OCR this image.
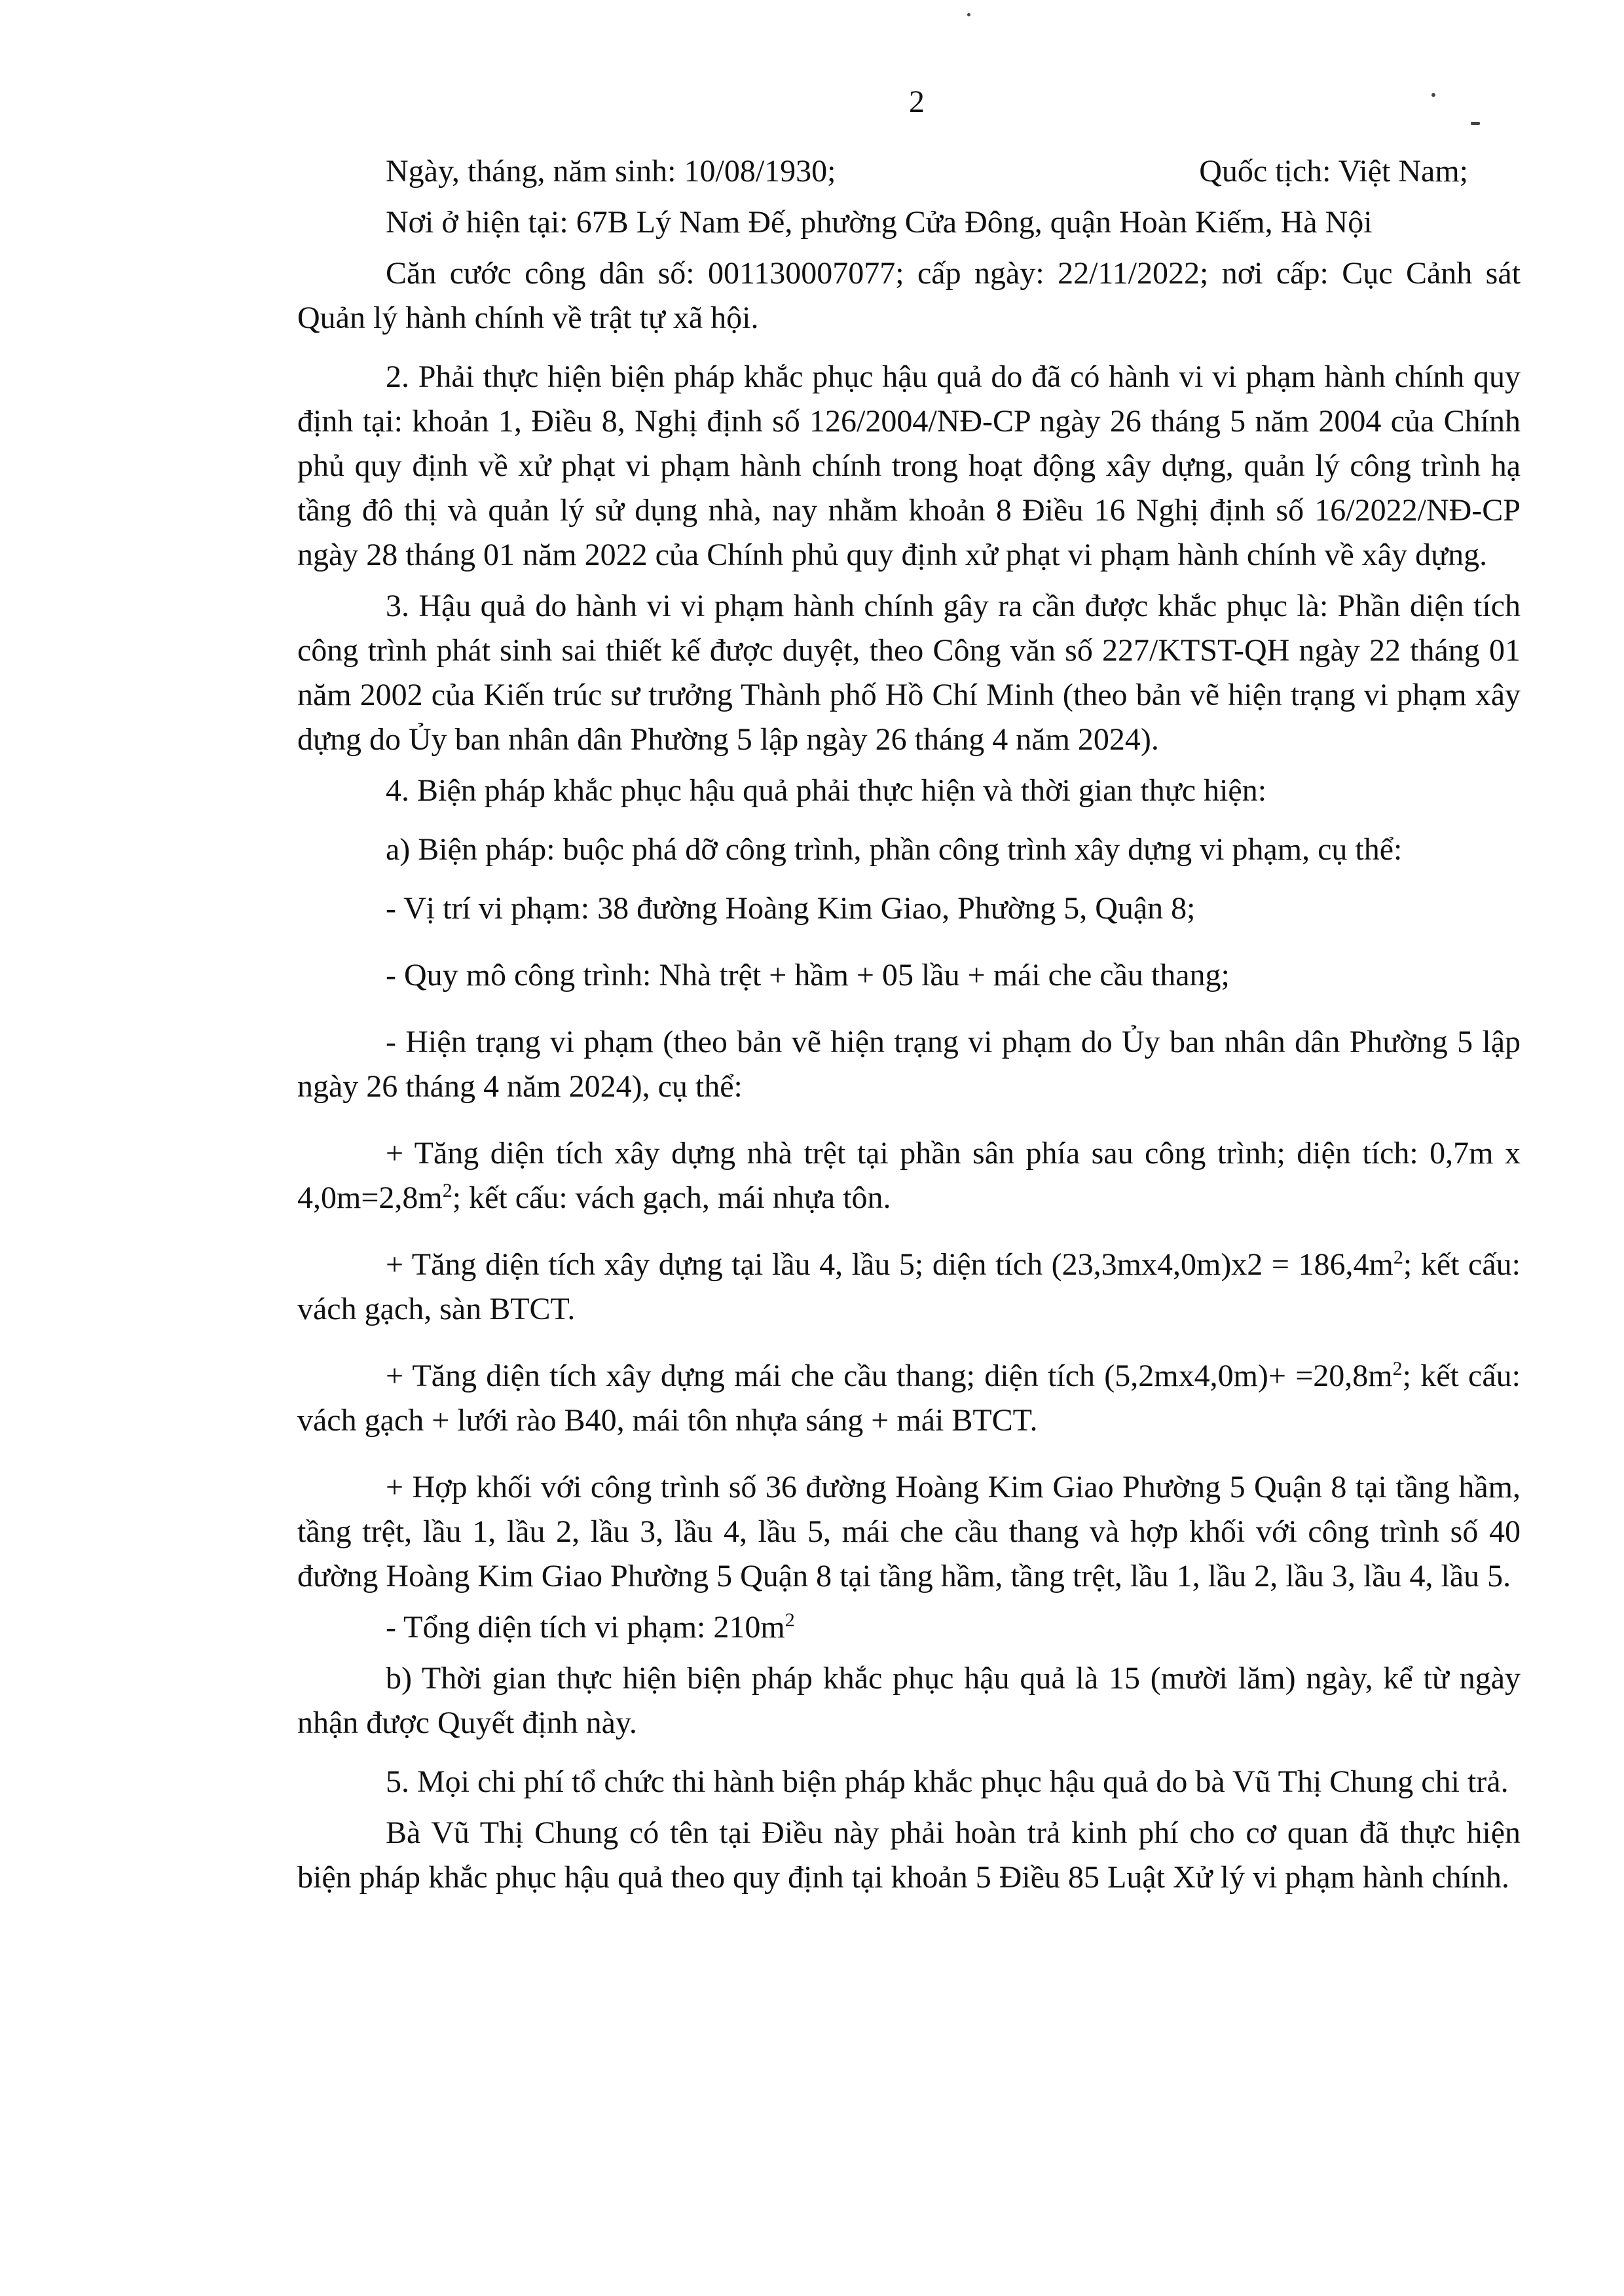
2
Ngày, tháng, năm sinh: 10/08/1930;	Quốc tịch: Việt Nam;

Nơi ở hiện tại: 67B Lý Nam Đế, phường Cửa Đông, quận Hoàn Kiếm, Hà Nội

Căn cước công dân số: 001130007077; cấp ngày: 22/11/2022; nơi cấp: Cục Cảnh sát Quản lý hành chính về trật tự xã hội.

2. Phải thực hiện biện pháp khắc phục hậu quả do đã có hành vi vi phạm hành chính quy định tại: khoản 1, Điều 8, Nghị định số 126/2004/NĐ-CP ngày 26 tháng 5 năm 2004 của Chính phủ quy định về xử phạt vi phạm hành chính trong hoạt động xây dựng, quản lý công trình hạ tầng đô thị và quản lý sử dụng nhà, nay nhằm khoản 8 Điều 16 Nghị định số 16/2022/NĐ-CP ngày 28 tháng 01 năm 2022 của Chính phủ quy định xử phạt vi phạm hành chính về xây dựng.

3. Hậu quả do hành vi vi phạm hành chính gây ra cần được khắc phục là: Phần diện tích công trình phát sinh sai thiết kế được duyệt, theo Công văn số 227/KTST-QH ngày 22 tháng 01 năm 2002 của Kiến trúc sư trưởng Thành phố Hồ Chí Minh (theo bản vẽ hiện trạng vi phạm xây dựng do Ủy ban nhân dân Phường 5 lập ngày 26 tháng 4 năm 2024).

4. Biện pháp khắc phục hậu quả phải thực hiện và thời gian thực hiện:

a) Biện pháp: buộc phá dỡ công trình, phần công trình xây dựng vi phạm, cụ thể:

- Vị trí vi phạm: 38 đường Hoàng Kim Giao, Phường 5, Quận 8;

- Quy mô công trình: Nhà trệt + hầm + 05 lầu + mái che cầu thang;

- Hiện trạng vi phạm (theo bản vẽ hiện trạng vi phạm do Ủy ban nhân dân Phường 5 lập ngày 26 tháng 4 năm 2024), cụ thể:

+ Tăng diện tích xây dựng nhà trệt tại phần sân phía sau công trình; diện tích: 0,7m x $4,0m=2,8m^2$; kết cấu: vách gạch, mái nhựa tôn.

+ Tăng diện tích xây dựng tại lầu 4, lầu 5; diện tích $(23,3mx4,0m)x2 = 186,4m^2$; kết cấu: vách gạch, sàn BTCT.

+ Tăng diện tích xây dựng mái che cầu thang; diện tích $(5,2mx4,0m)+ =20,8m^2$; kết cấu: vách gạch + lưới rào B40, mái tôn nhựa sáng + mái BTCT.

+ Hợp khối với công trình số 36 đường Hoàng Kim Giao Phường 5 Quận 8 tại tầng hầm, tầng trệt, lầu 1, lầu 2, lầu 3, lầu 4, lầu 5, mái che cầu thang và hợp khối với công trình số 40 đường Hoàng Kim Giao Phường 5 Quận 8 tại tầng hầm, tầng trệt, lầu 1, lầu 2, lầu 3, lầu 4, lầu 5.

- Tổng diện tích vi phạm: $210m^2$

b) Thời gian thực hiện biện pháp khắc phục hậu quả là 15 (mười lăm) ngày, kể từ ngày nhận được Quyết định này.

5. Mọi chi phí tổ chức thi hành biện pháp khắc phục hậu quả do bà Vũ Thị Chung chi trả.

Bà Vũ Thị Chung có tên tại Điều này phải hoàn trả kinh phí cho cơ quan đã thực hiện biện pháp khắc phục hậu quả theo quy định tại khoản 5 Điều 85 Luật Xử lý vi phạm hành chính.
